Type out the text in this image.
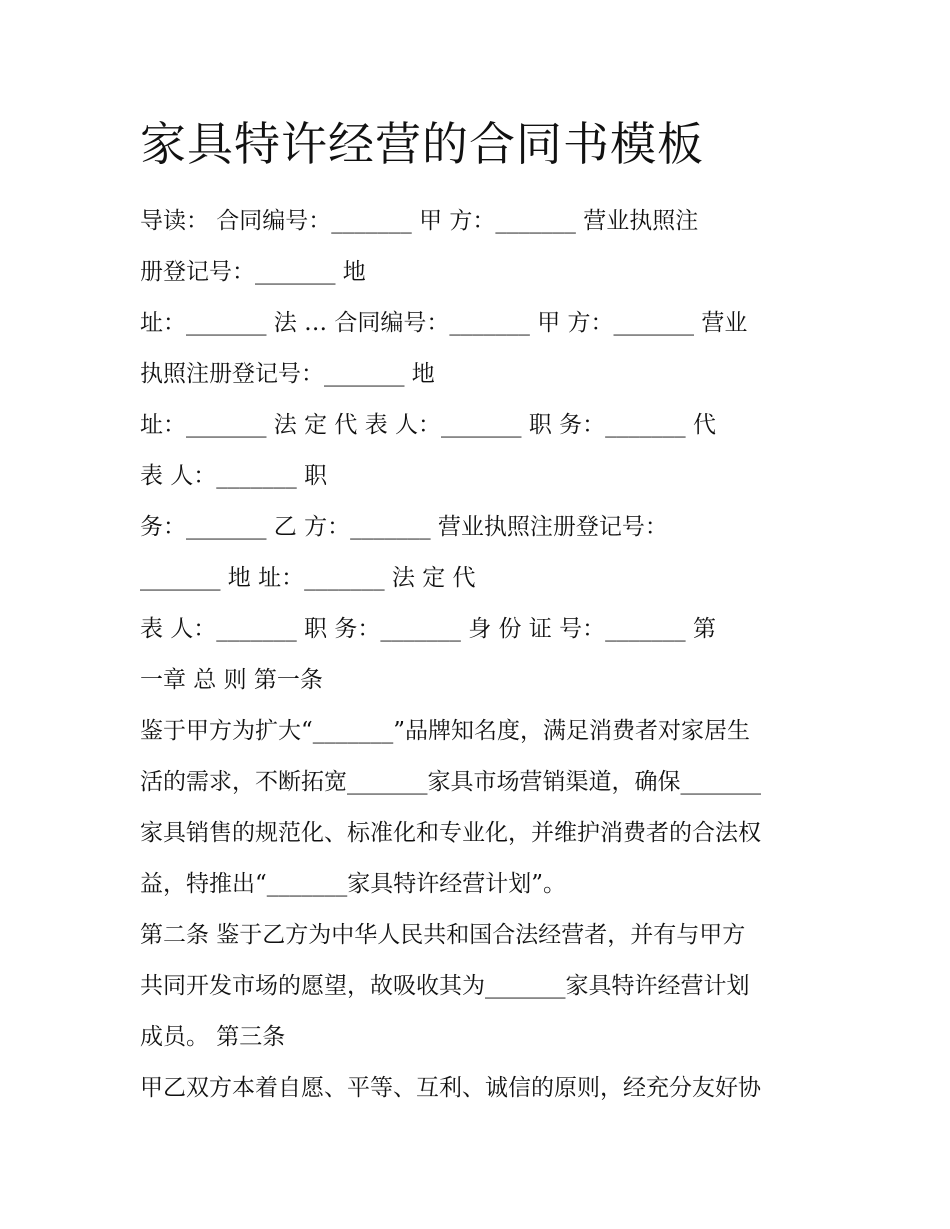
家具特许经营的合同书模板
导读： 合同编号：_______ 甲 方：_______ 营业执照注
册登记号：_______ 地
址：_______ 法 … 合同编号：_______ 甲 方：_______ 营业
执照注册登记号：_______ 地
址：_______ 法 定 代 表 人：_______ 职 务：_______ 代
表 人：_______ 职
务：_______ 乙 方：_______ 营业执照注册登记号：
_______ 地 址：_______ 法 定 代
表 人：_______ 职 务：_______ 身 份 证 号：_______ 第
一章 总 则 第一条
鉴于甲方为扩大“_______”品牌知名度，满足消费者对家居生
活的需求，不断拓宽_______家具市场营销渠道，确保_______
家具销售的规范化、标准化和专业化，并维护消费者的合法权
益，特推出“_______家具特许经营计划”。
第二条 鉴于乙方为中华人民共和国合法经营者，并有与甲方
共同开发市场的愿望，故吸收其为_______家具特许经营计划
成员。 第三条
甲乙双方本着自愿、平等、互利、诚信的原则，经充分友好协
